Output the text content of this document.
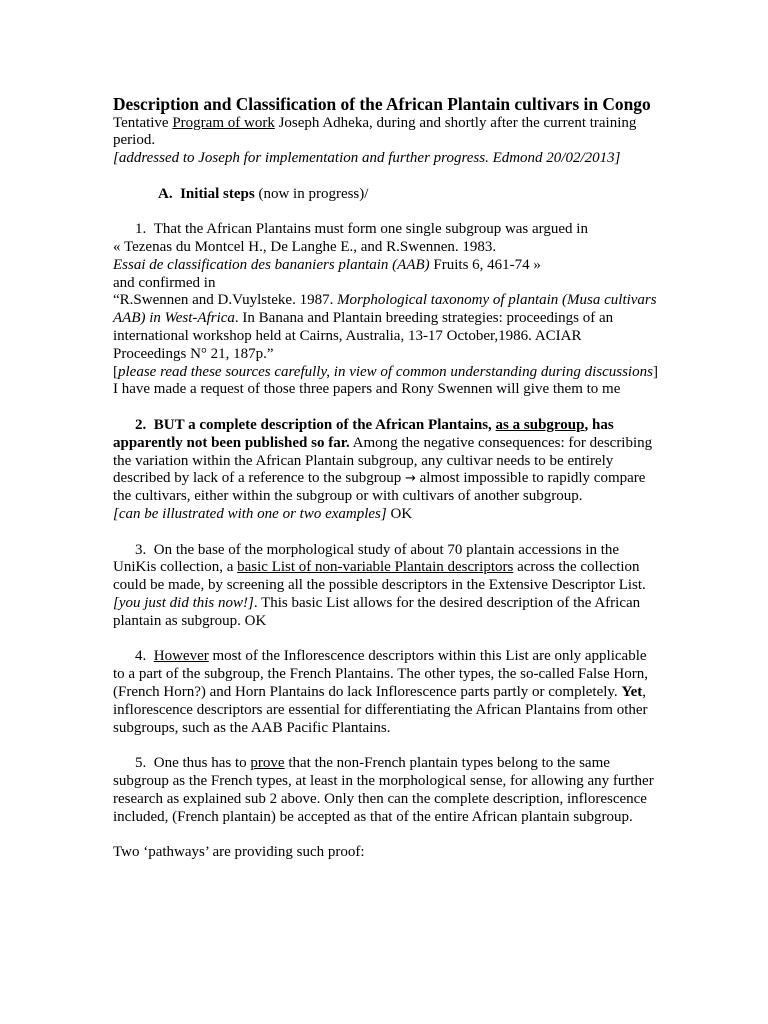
Description and Classification of the African Plantain cultivars in Congo

Tentative Program of work Joseph Adheka, during and shortly after the current training period.

[addressed to Joseph for implementation and further progress. Edmond 20/02/2013]

A. Initial steps (now in progress)/

1. That the African Plantains must form one single subgroup was argued in

« Tezenas du Montcel H., De Langhe E., and R.Swennen. 1983.

Essai de classification des bananiers plantain (AAB) Fruits 6, 461-74 »

and confirmed in

“R.Swennen and D.Vuylsteke. 1987. Morphological taxonomy of plantain (Musa cultivars AAB) in West-Africa. In Banana and Plantain breeding strategies: proceedings of an international workshop held at Cairns, Australia, 13-17 October,1986. ACIAR Proceedings N° 21, 187p.”

[please read these sources carefully, in view of common understanding during discussions] I have made a request of those three papers and Rony Swennen will give them to me

2. BUT a complete description of the African Plantains, as a subgroup, has apparently not been published so far. Among the negative consequences: for describing the variation within the African Plantain subgroup, any cultivar needs to be entirely described by lack of a reference to the subgroup → almost impossible to rapidly compare the cultivars, either within the subgroup or with cultivars of another subgroup.

[can be illustrated with one or two examples] OK

3. On the base of the morphological study of about 70 plantain accessions in the UniKis collection, a basic List of non-variable Plantain descriptors across the collection could be made, by screening all the possible descriptors in the Extensive Descriptor List.

[you just did this now!]. This basic List allows for the desired description of the African plantain as subgroup. OK

4. However most of the Inflorescence descriptors within this List are only applicable to a part of the subgroup, the French Plantains. The other types, the so-called False Horn, (French Horn?) and Horn Plantains do lack Inflorescence parts partly or completely. Yet, inflorescence descriptors are essential for differentiating the African Plantains from other subgroups, such as the AAB Pacific Plantains.

5. One thus has to prove that the non-French plantain types belong to the same subgroup as the French types, at least in the morphological sense, for allowing any further research as explained sub 2 above. Only then can the complete description, inflorescence included, (French plantain) be accepted as that of the entire African plantain subgroup.

Two ‘pathways’ are providing such proof:
